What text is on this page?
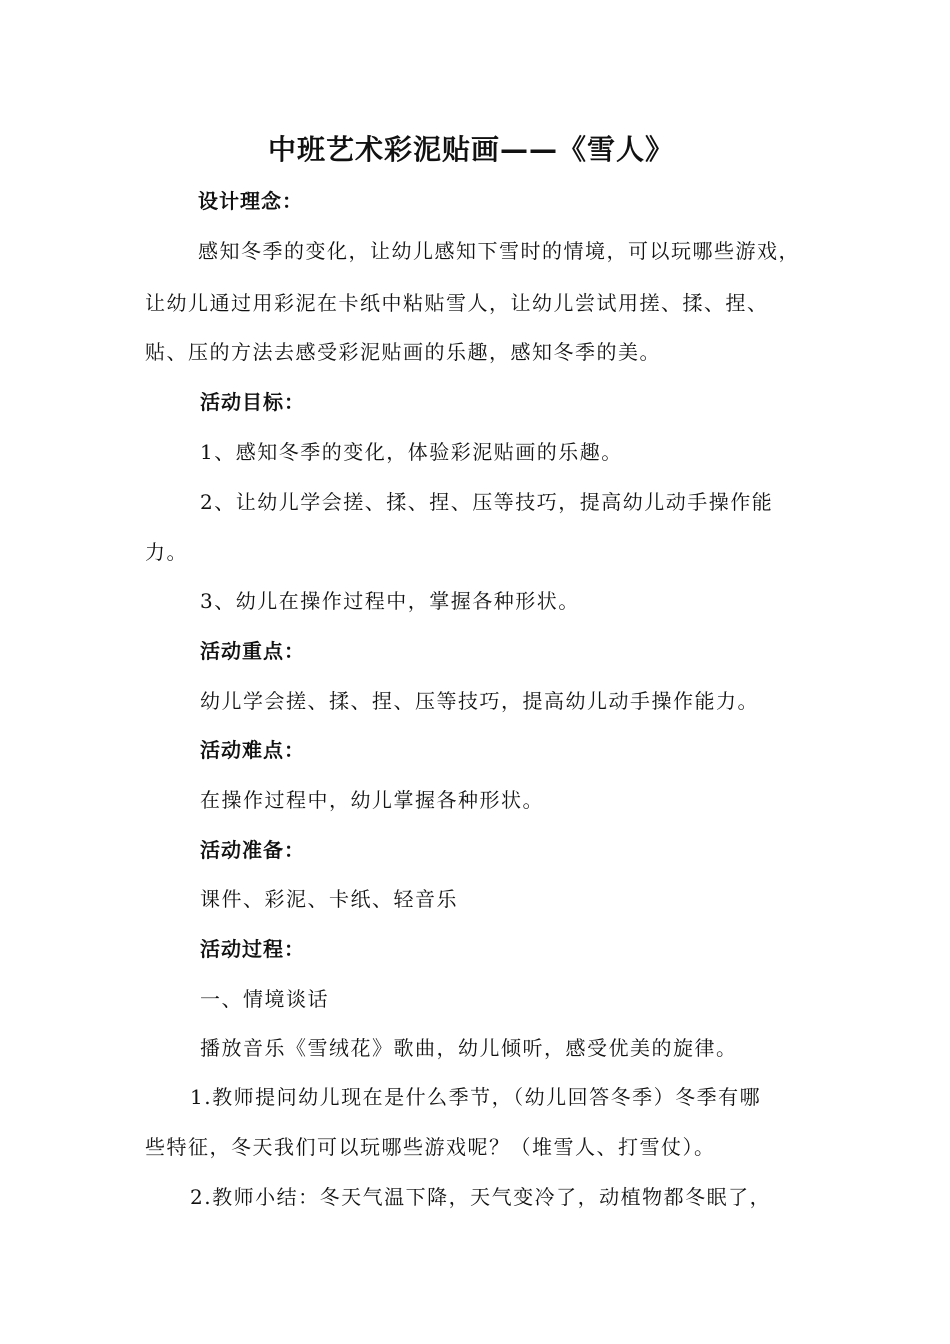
中班艺术彩泥贴画——《雪人》
设计理念：
感知冬季的变化，让幼儿感知下雪时的情境，可以玩哪些游戏，
让幼儿通过用彩泥在卡纸中粘贴雪人，让幼儿尝试用搓、揉、捏、
贴、压的方法去感受彩泥贴画的乐趣，感知冬季的美。
活动目标：
1、感知冬季的变化，体验彩泥贴画的乐趣。
2、让幼儿学会搓、揉、捏、压等技巧，提高幼儿动手操作能
力。
3、幼儿在操作过程中，掌握各种形状。
活动重点：
幼儿学会搓、揉、捏、压等技巧，提高幼儿动手操作能力。
活动难点：
在操作过程中，幼儿掌握各种形状。
活动准备：
课件、彩泥、卡纸、轻音乐
活动过程：
一、情境谈话
播放音乐《雪绒花》歌曲，幼儿倾听，感受优美的旋律。
1.教师提问幼儿现在是什么季节，（幼儿回答冬季）冬季有哪
些特征，冬天我们可以玩哪些游戏呢？（堆雪人、打雪仗）。
2.教师小结：冬天气温下降，天气变冷了，动植物都冬眠了，
